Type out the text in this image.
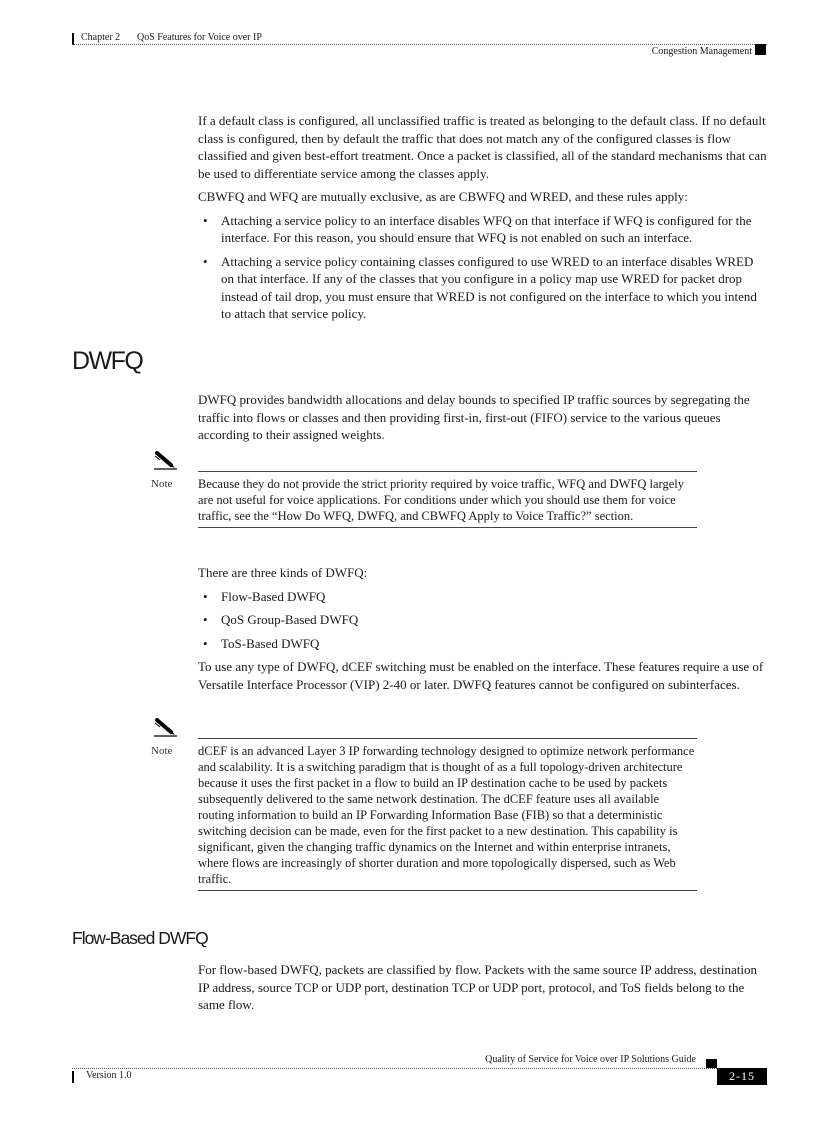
Chapter 2 QoS Features for Voice over IP
Congestion Management

If a default class is configured, all unclassified traffic is treated as belonging to the default class. If no default class is configured, then by default the traffic that does not match any of the configured classes is flow classified and given best-effort treatment. Once a packet is classified, all of the standard mechanisms that can be used to differentiate service among the classes apply.

CBWFQ and WFQ are mutually exclusive, as are CBWFQ and WRED, and these rules apply:

• Attaching a service policy to an interface disables WFQ on that interface if WFQ is configured for the interface. For this reason, you should ensure that WFQ is not enabled on such an interface.
• Attaching a service policy containing classes configured to use WRED to an interface disables WRED on that interface. If any of the classes that you configure in a policy map use WRED for packet drop instead of tail drop, you must ensure that WRED is not configured on the interface to which you intend to attach that service policy.
DWFQ

DWFQ provides bandwidth allocations and delay bounds to specified IP traffic sources by segregating the traffic into flows or classes and then providing first-in, first-out (FIFO) service to the various queues according to their assigned weights.

Note Because they do not provide the strict priority required by voice traffic, WFQ and DWFQ largely are not useful for voice applications. For conditions under which you should use them for voice traffic, see the “How Do WFQ, DWFQ, and CBWFQ Apply to Voice Traffic?” section.

There are three kinds of DWFQ:

• Flow-Based DWFQ
• QoS Group-Based DWFQ
• ToS-Based DWFQ

To use any type of DWFQ, dCEF switching must be enabled on the interface. These features require a use of Versatile Interface Processor (VIP) 2-40 or later. DWFQ features cannot be configured on subinterfaces.

Note dCEF is an advanced Layer 3 IP forwarding technology designed to optimize network performance and scalability. It is a switching paradigm that is thought of as a full topology-driven architecture because it uses the first packet in a flow to build an IP destination cache to be used by packets subsequently delivered to the same network destination. The dCEF feature uses all available routing information to build an IP Forwarding Information Base (FIB) so that a deterministic switching decision can be made, even for the first packet to a new destination. This capability is significant, given the changing traffic dynamics on the Internet and within enterprise intranets, where flows are increasingly of shorter duration and more topologically dispersed, such as Web traffic.

Flow-Based DWFQ

For flow-based DWFQ, packets are classified by flow. Packets with the same source IP address, destination IP address, source TCP or UDP port, destination TCP or UDP port, protocol, and ToS fields belong to the same flow.

Quality of Service for Voice over IP Solutions Guide
Version 1.0	2-15
